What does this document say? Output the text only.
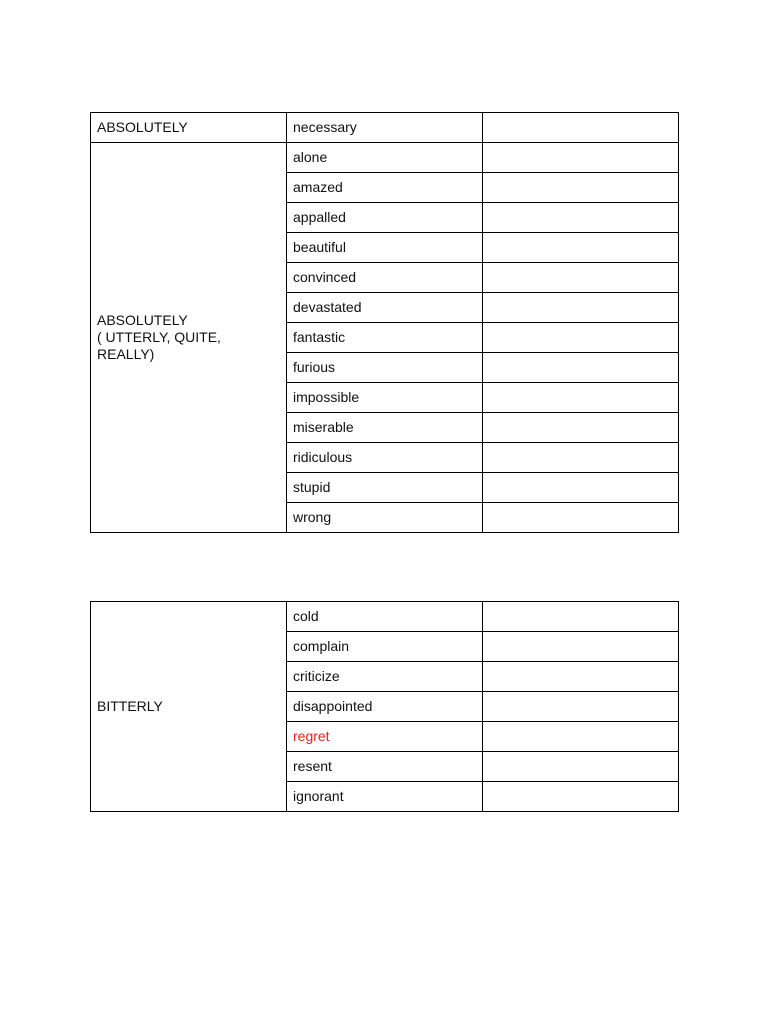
ABSOLUTELY	necessary	

ABSOLUTELY
( UTTERLY, QUITE, REALLY)	alone	
	amazed	
	appalled	
	beautiful	
	convinced	
	devastated	
	fantastic	
	furious	
	impossible	
	miserable	
	ridiculous	
	stupid	
	wrong	
BITTERLY	cold	
	complain	
	criticize	
	disappointed	
	regret	
	resent	
	ignorant	
